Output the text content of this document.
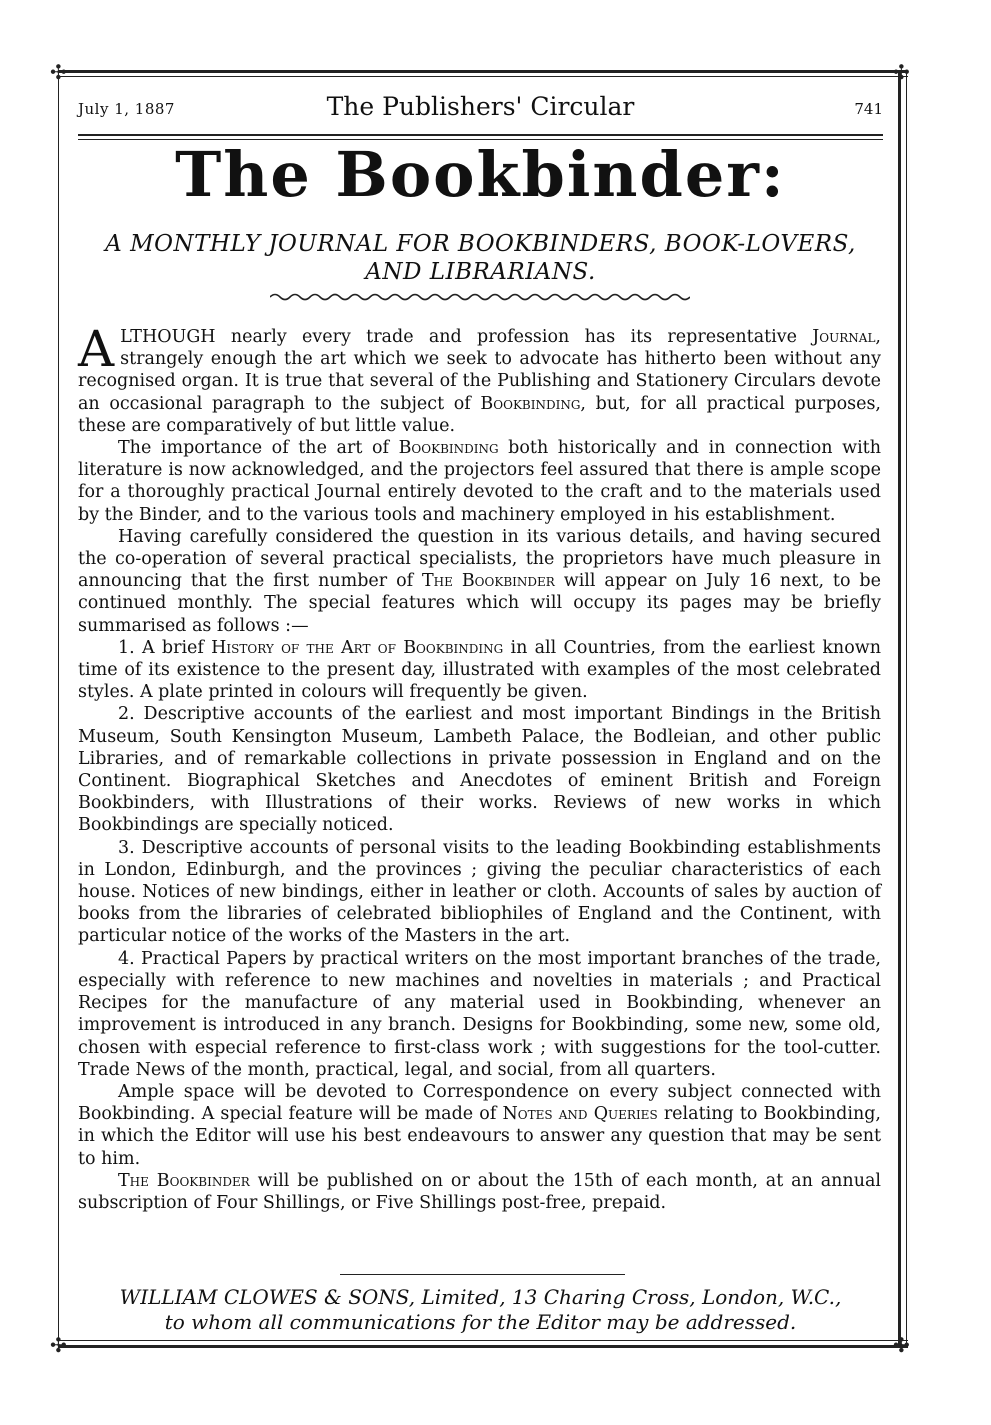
✣	✣
✣	✣
July 1, 1887	The Publishers' Circular	741
The Bookbinder:
A MONTHLY JOURNAL FOR BOOKBINDERS, BOOK-LOVERS,
AND LIBRARIANS.

ALTHOUGH nearly every trade and profession has its representative Journal, strangely enough the art which we seek to advocate has hitherto been without any recognised organ. It is true that several of the Publishing and Stationery Circulars devote an occasional paragraph to the subject of Bookbinding, but, for all practical purposes, these are comparatively of but little value.

The importance of the art of Bookbinding both historically and in connection with literature is now acknowledged, and the projectors feel assured that there is ample scope for a thoroughly practical Journal entirely devoted to the craft and to the materials used by the Binder, and to the various tools and machinery employed in his establishment.

Having carefully considered the question in its various details, and having secured the co-operation of several practical specialists, the proprietors have much pleasure in announcing that the first number of The Bookbinder will appear on July 16 next, to be continued monthly. The special features which will occupy its pages may be briefly summarised as follows :—

1. A brief History of the Art of Bookbinding in all Countries, from the earliest known time of its existence to the present day, illustrated with examples of the most celebrated styles. A plate printed in colours will frequently be given.

2. Descriptive accounts of the earliest and most important Bindings in the British Museum, South Kensington Museum, Lambeth Palace, the Bodleian, and other public Libraries, and of remarkable collections in private possession in England and on the Continent. Biographical Sketches and Anecdotes of eminent British and Foreign Bookbinders, with Illustrations of their works. Reviews of new works in which Bookbindings are specially noticed.

3. Descriptive accounts of personal visits to the leading Bookbinding establishments in London, Edinburgh, and the provinces ; giving the peculiar characteristics of each house. Notices of new bindings, either in leather or cloth. Accounts of sales by auction of books from the libraries of celebrated bibliophiles of England and the Continent, with particular notice of the works of the Masters in the art.

4. Practical Papers by practical writers on the most important branches of the trade, especially with reference to new machines and novelties in materials ; and Practical Recipes for the manufacture of any material used in Bookbinding, whenever an improvement is introduced in any branch. Designs for Bookbinding, some new, some old, chosen with especial reference to first-class work ; with suggestions for the tool-cutter. Trade News of the month, practical, legal, and social, from all quarters.

Ample space will be devoted to Correspondence on every subject connected with Bookbinding. A special feature will be made of Notes and Queries relating to Bookbinding, in which the Editor will use his best endeavours to answer any question that may be sent to him.

The Bookbinder will be published on or about the 15th of each month, at an annual subscription of Four Shillings, or Five Shillings post-free, prepaid.

WILLIAM CLOWES & SONS, Limited, 13 Charing Cross, London, W.C.,
to whom all communications for the Editor may be addressed.
